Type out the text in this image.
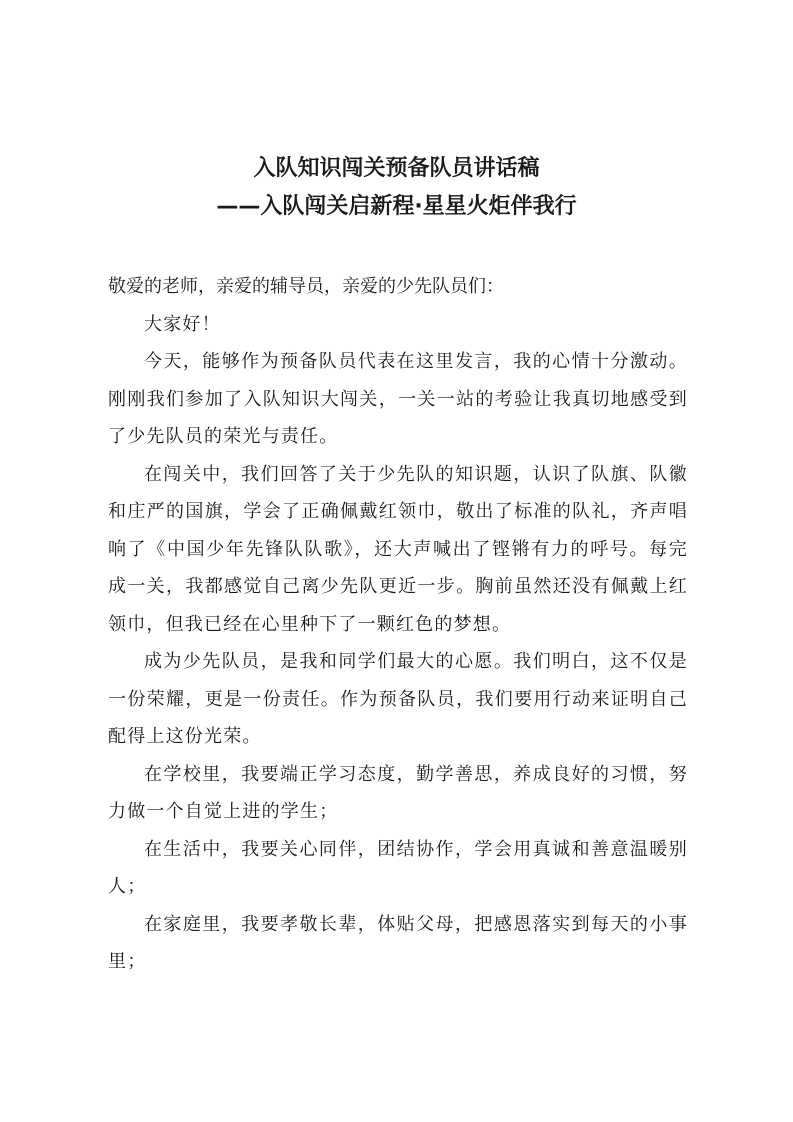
入队知识闯关预备队员讲话稿
——入队闯关启新程·星星火炬伴我行

敬爱的老师，亲爱的辅导员，亲爱的少先队员们：

大家好！

今天，能够作为预备队员代表在这里发言，我的心情十分激动。刚刚我们参加了入队知识大闯关，一关一站的考验让我真切地感受到了少先队员的荣光与责任。

在闯关中，我们回答了关于少先队的知识题，认识了队旗、队徽和庄严的国旗，学会了正确佩戴红领巾，敬出了标准的队礼，齐声唱响了《中国少年先锋队队歌》，还大声喊出了铿锵有力的呼号。每完成一关，我都感觉自己离少先队更近一步。胸前虽然还没有佩戴上红领巾，但我已经在心里种下了一颗红色的梦想。

成为少先队员，是我和同学们最大的心愿。我们明白，这不仅是一份荣耀，更是一份责任。作为预备队员，我们要用行动来证明自己配得上这份光荣。

在学校里，我要端正学习态度，勤学善思，养成良好的习惯，努力做一个自觉上进的学生；

在生活中，我要关心同伴，团结协作，学会用真诚和善意温暖别人；

在家庭里，我要孝敬长辈，体贴父母，把感恩落实到每天的小事里；
